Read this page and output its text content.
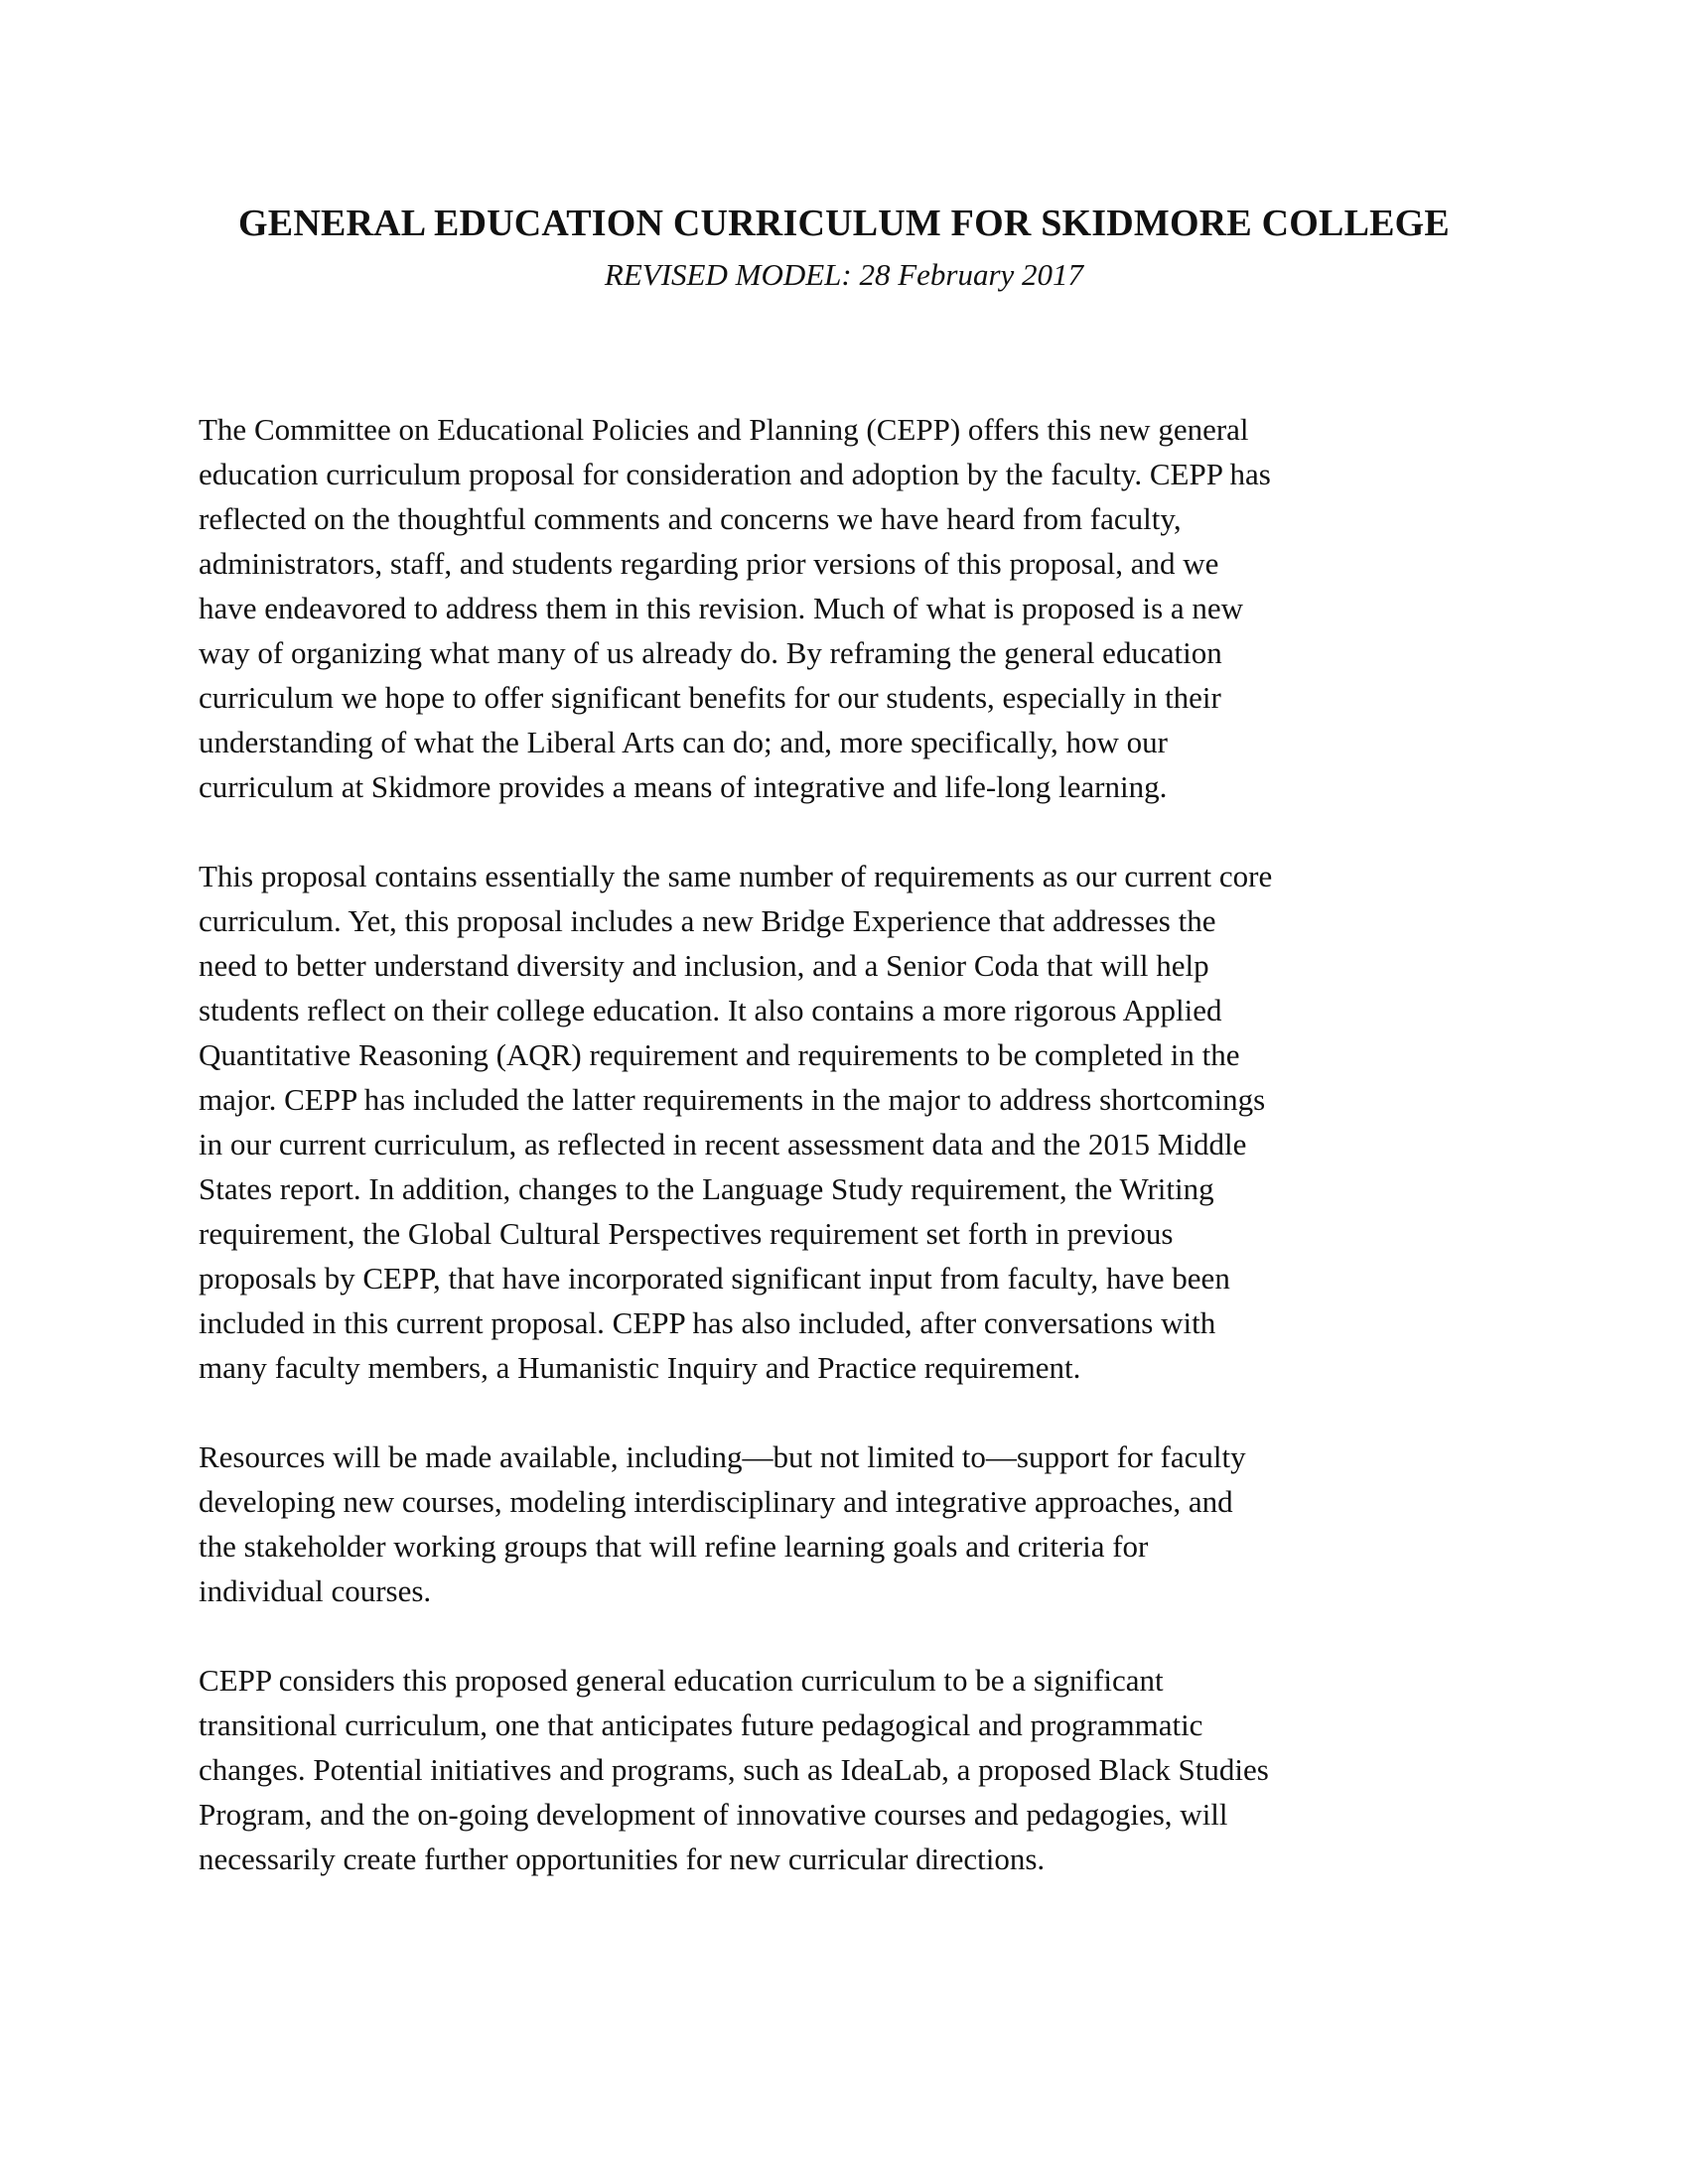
GENERAL EDUCATION CURRICULUM FOR SKIDMORE COLLEGE
REVISED MODEL: 28 February 2017

The Committee on Educational Policies and Planning (CEPP) offers this new general
education curriculum proposal for consideration and adoption by the faculty. CEPP has
reflected on the thoughtful comments and concerns we have heard from faculty,
administrators, staff, and students regarding prior versions of this proposal, and we
have endeavored to address them in this revision. Much of what is proposed is a new
way of organizing what many of us already do. By reframing the general education
curriculum we hope to offer significant benefits for our students, especially in their
understanding of what the Liberal Arts can do; and, more specifically, how our
curriculum at Skidmore provides a means of integrative and life-long learning.

This proposal contains essentially the same number of requirements as our current core
curriculum. Yet, this proposal includes a new Bridge Experience that addresses the
need to better understand diversity and inclusion, and a Senior Coda that will help
students reflect on their college education. It also contains a more rigorous Applied
Quantitative Reasoning (AQR) requirement and requirements to be completed in the
major. CEPP has included the latter requirements in the major to address shortcomings
in our current curriculum, as reflected in recent assessment data and the 2015 Middle
States report. In addition, changes to the Language Study requirement, the Writing
requirement, the Global Cultural Perspectives requirement set forth in previous
proposals by CEPP, that have incorporated significant input from faculty, have been
included in this current proposal. CEPP has also included, after conversations with
many faculty members, a Humanistic Inquiry and Practice requirement.

Resources will be made available, including—but not limited to—support for faculty
developing new courses, modeling interdisciplinary and integrative approaches, and
the stakeholder working groups that will refine learning goals and criteria for
individual courses.

CEPP considers this proposed general education curriculum to be a significant
transitional curriculum, one that anticipates future pedagogical and programmatic
changes. Potential initiatives and programs, such as IdeaLab, a proposed Black Studies
Program, and the on-going development of innovative courses and pedagogies, will
necessarily create further opportunities for new curricular directions.
